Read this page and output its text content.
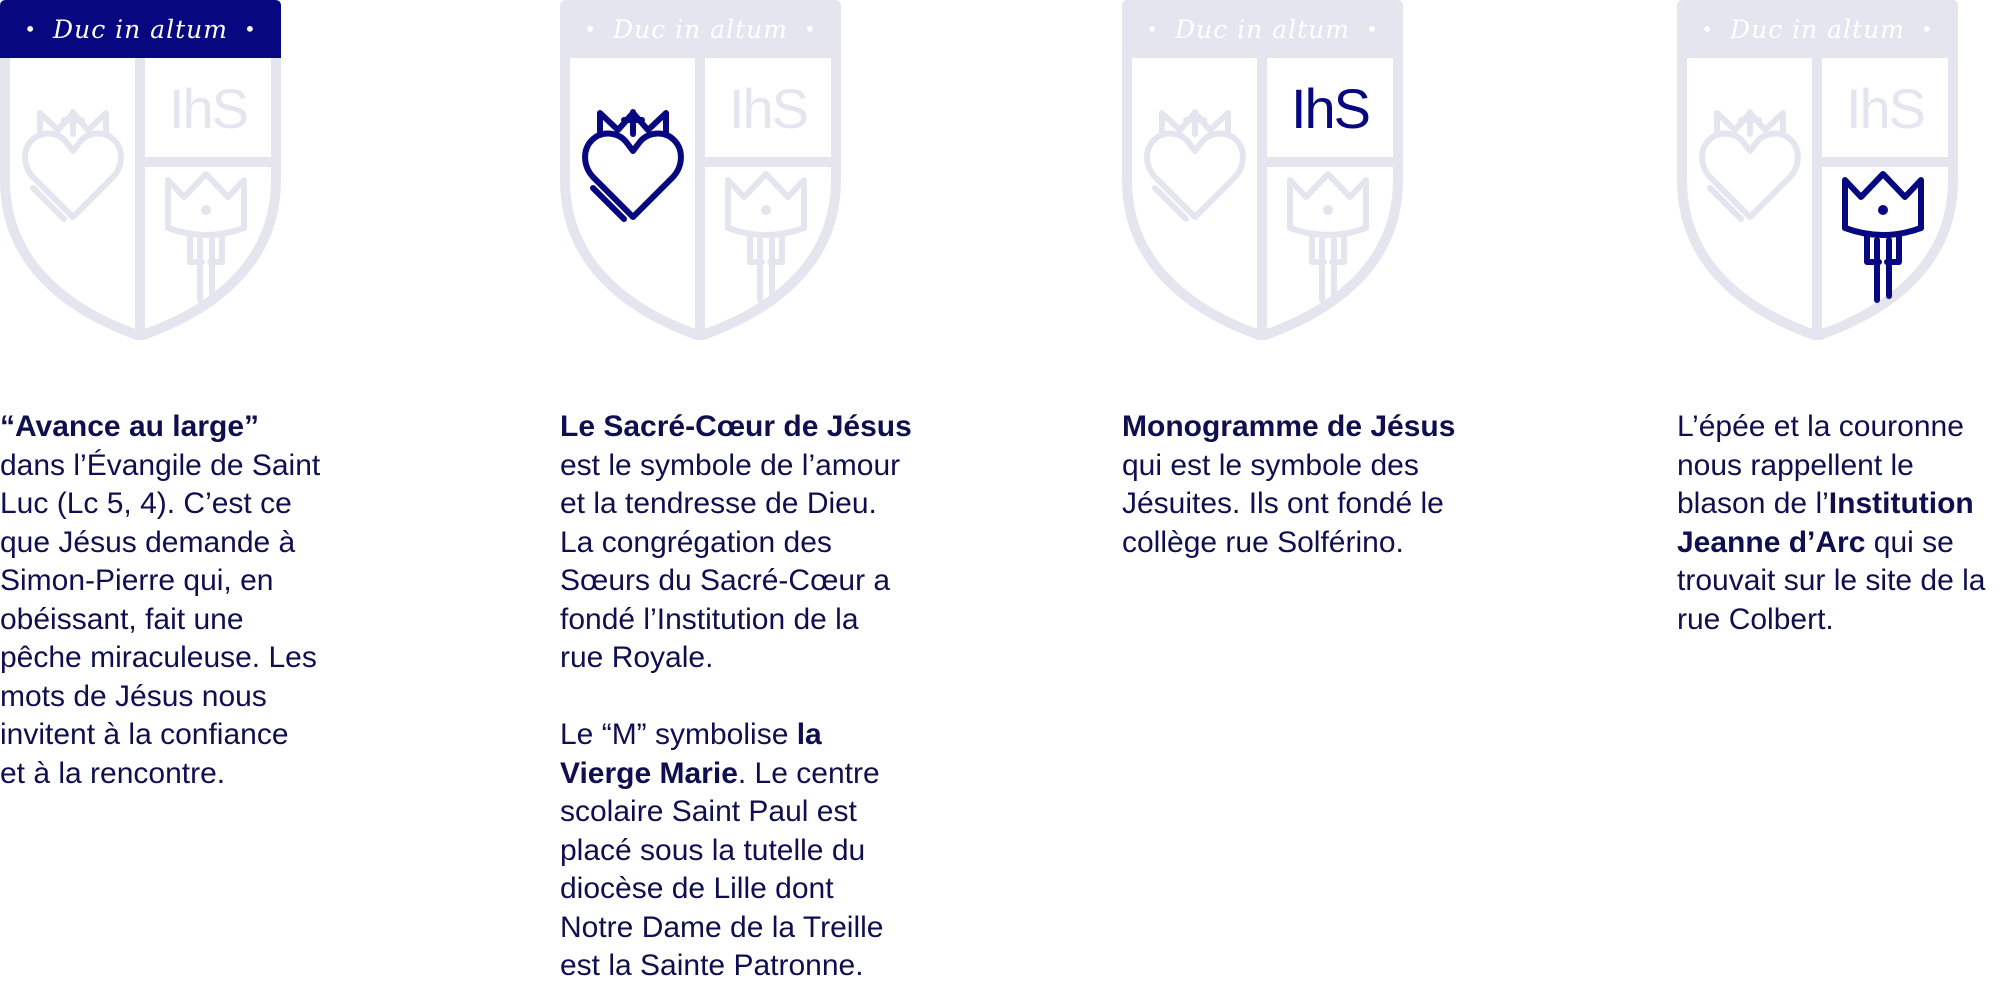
IhS
• Duc in altum •
“Avance au large”
dans l’Évangile de Saint
Luc (Lc 5, 4). C’est ce
que Jésus demande à
Simon-Pierre qui, en
obéissant, fait une
pêche miraculeuse. Les
mots de Jésus nous
invitent à la confiance
et à la rencontre.
IhS
• Duc in altum •
Le Sacré-Cœur de Jésus
est le symbole de l’amour
et la tendresse de Dieu.
La congrégation des
Sœurs du Sacré-Cœur a
fondé l’Institution de la
rue Royale.
Le “M” symbolise la
Vierge Marie. Le centre
scolaire Saint Paul est
placé sous la tutelle du
diocèse de Lille dont
Notre Dame de la Treille
est la Sainte Patronne.
IhS
• Duc in altum •
Monogramme de Jésus
qui est le symbole des
Jésuites. Ils ont fondé le
collège rue Solférino.
IhS
• Duc in altum •
L’épée et la couronne
nous rappellent le
blason de l’Institution
Jeanne d’Arc qui se
trouvait sur le site de la
rue Colbert.
